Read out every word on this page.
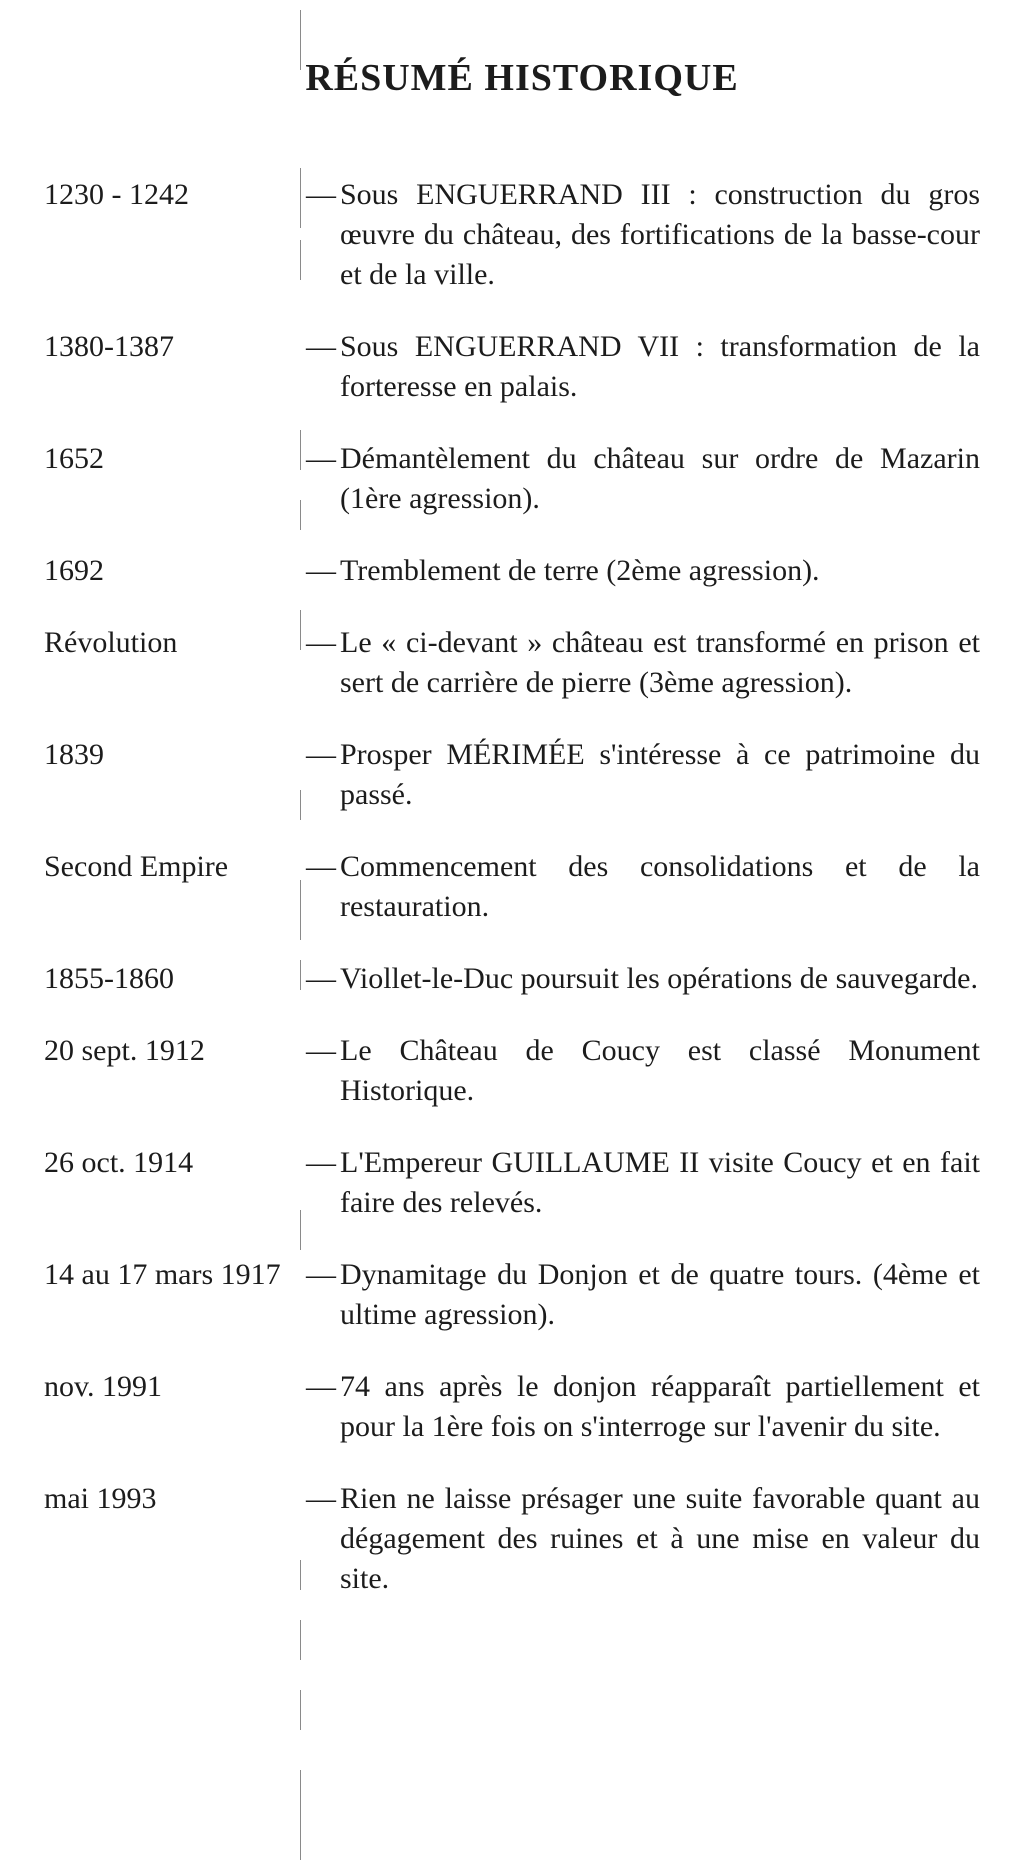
RÉSUMÉ HISTORIQUE
1230 - 1242	— Sous ENGUERRAND III : construction du gros œuvre du château, des fortifications de la basse-cour et de la ville.
1380-1387	— Sous ENGUERRAND VII : transformation de la forteresse en palais.
1652	— Démantèlement du château sur ordre de Mazarin (1ère agression).
1692	— Tremblement de terre (2ème agression).
Révolution	— Le « ci-devant » château est transformé en prison et sert de carrière de pierre (3ème agression).
1839	— Prosper MÉRIMÉE s'intéresse à ce patrimoine du passé.
Second Empire	— Commencement des consolidations et de la restauration.
1855-1860	— Viollet-le-Duc poursuit les opérations de sauvegarde.
20 sept. 1912	— Le Château de Coucy est classé Monument Historique.
26 oct. 1914	— L'Empereur GUILLAUME II visite Coucy et en fait faire des relevés.
14 au 17 mars 1917 — Dynamitage du Donjon et de quatre tours. (4ème et ultime agression).
nov. 1991	— 74 ans après le donjon réapparaît partiellement et pour la 1ère fois on s'interroge sur l'avenir du site.
mai 1993	— Rien ne laisse présager une suite favorable quant au dégagement des ruines et à une mise en valeur du site.
